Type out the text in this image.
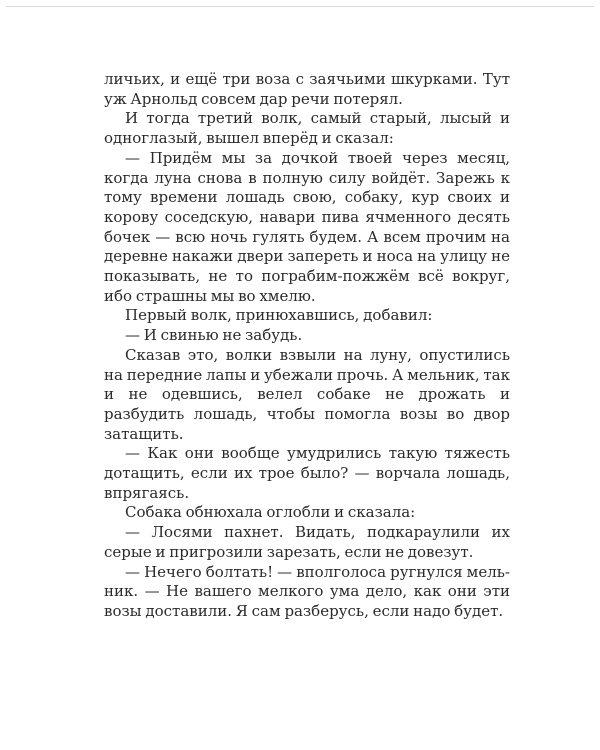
личьих, и ещё три воза с заячьими шкурками. Тут уж Арнольд совсем дар речи потерял.

И тогда третий волк, самый старый, лысый и одноглазый, вышел вперёд и сказал:

— Придём мы за дочкой твоей через месяц, когда луна снова в полную силу войдёт. Зарежь к тому времени лошадь свою, собаку, кур своих и корову соседскую, навари пива ячменного десять бочек — всю ночь гулять будем. А всем прочим на деревне накажи двери запереть и носа на улицу не показывать, не то пограбим-пожжём всё вокруг, ибо страшны мы во хмелю.

Первый волк, принюхавшись, добавил:

— И свинью не забудь.

Сказав это, волки взвыли на луну, опустились на передние лапы и убежали прочь. А мельник, так и не одевшись, велел собаке не дрожать и разбудить лошадь, чтобы помогла возы во двор затащить.

— Как они вообще умудрились такую тяжесть дотащить, если их трое было? — ворчала лошадь, впрягаясь.

Собака обнюхала оглобли и сказала:

— Лосями пахнет. Видать, подкараулили их серые и пригрозили зарезать, если не довезут.

— Нечего болтать! — вполголоса ругнулся мельник. — Не вашего мелкого ума дело, как они эти возы доставили. Я сам разберусь, если надо будет.
